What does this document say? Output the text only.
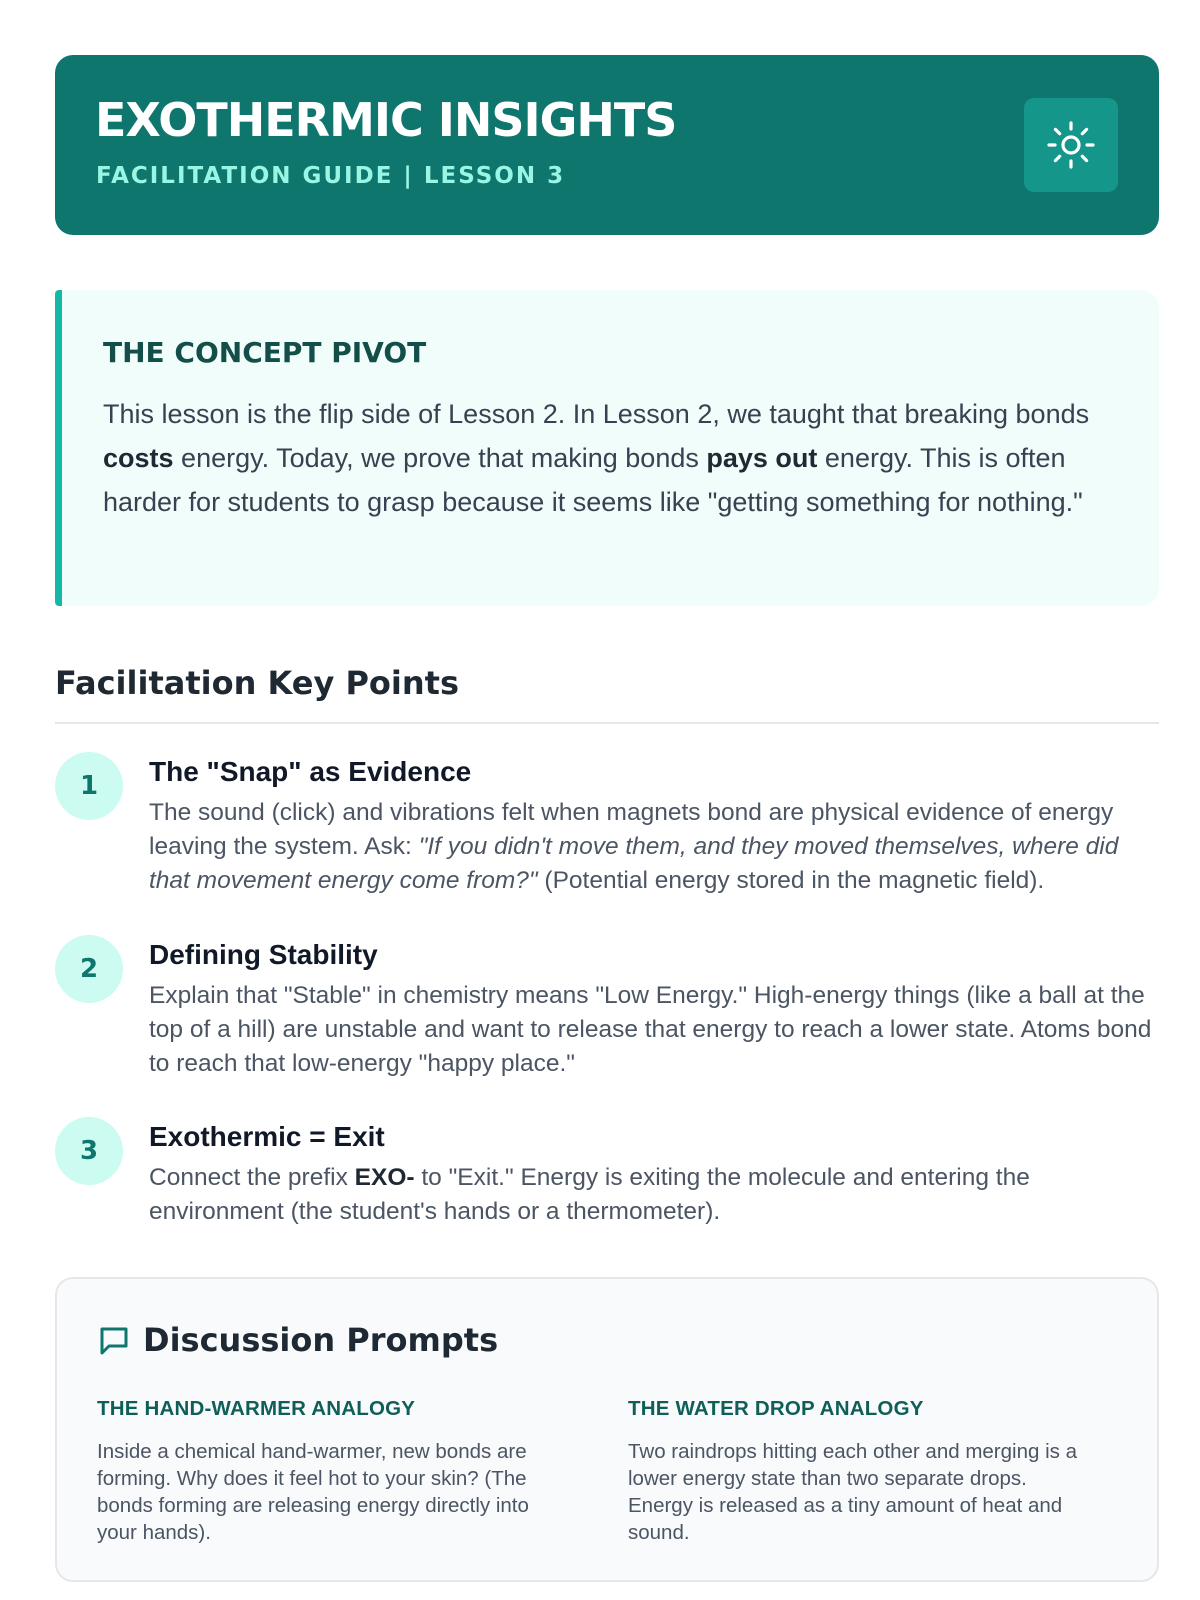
EXOTHERMIC INSIGHTS
FACILITATION GUIDE | LESSON 3
THE CONCEPT PIVOT

This lesson is the flip side of Lesson 2. In Lesson 2, we taught that breaking bonds costs energy. Today, we prove that making bonds pays out energy. This is often harder for students to grasp because it seems like "getting something for nothing."

Facilitation Key Points
1	The "Snap" as Evidence

The sound (click) and vibrations felt when magnets bond are physical evidence of energy leaving the system. Ask: "If you didn't move them, and they moved themselves, where did that movement energy come from?" (Potential energy stored in the magnetic field).

2	Defining Stability

Explain that "Stable" in chemistry means "Low Energy." High-energy things (like a ball at the top of a hill) are unstable and want to release that energy to reach a lower state. Atoms bond to reach that low-energy "happy place."

3	Exothermic = Exit

Connect the prefix EXO- to "Exit." Energy is exiting the molecule and entering the environment (the student's hands or a thermometer).

Discussion Prompts
THE HAND-WARMER ANALOGY

Inside a chemical hand-warmer, new bonds are forming. Why does it feel hot to your skin? (The bonds forming are releasing energy directly into your hands).

THE WATER DROP ANALOGY

Two raindrops hitting each other and merging is a lower energy state than two separate drops. Energy is released as a tiny amount of heat and sound.
